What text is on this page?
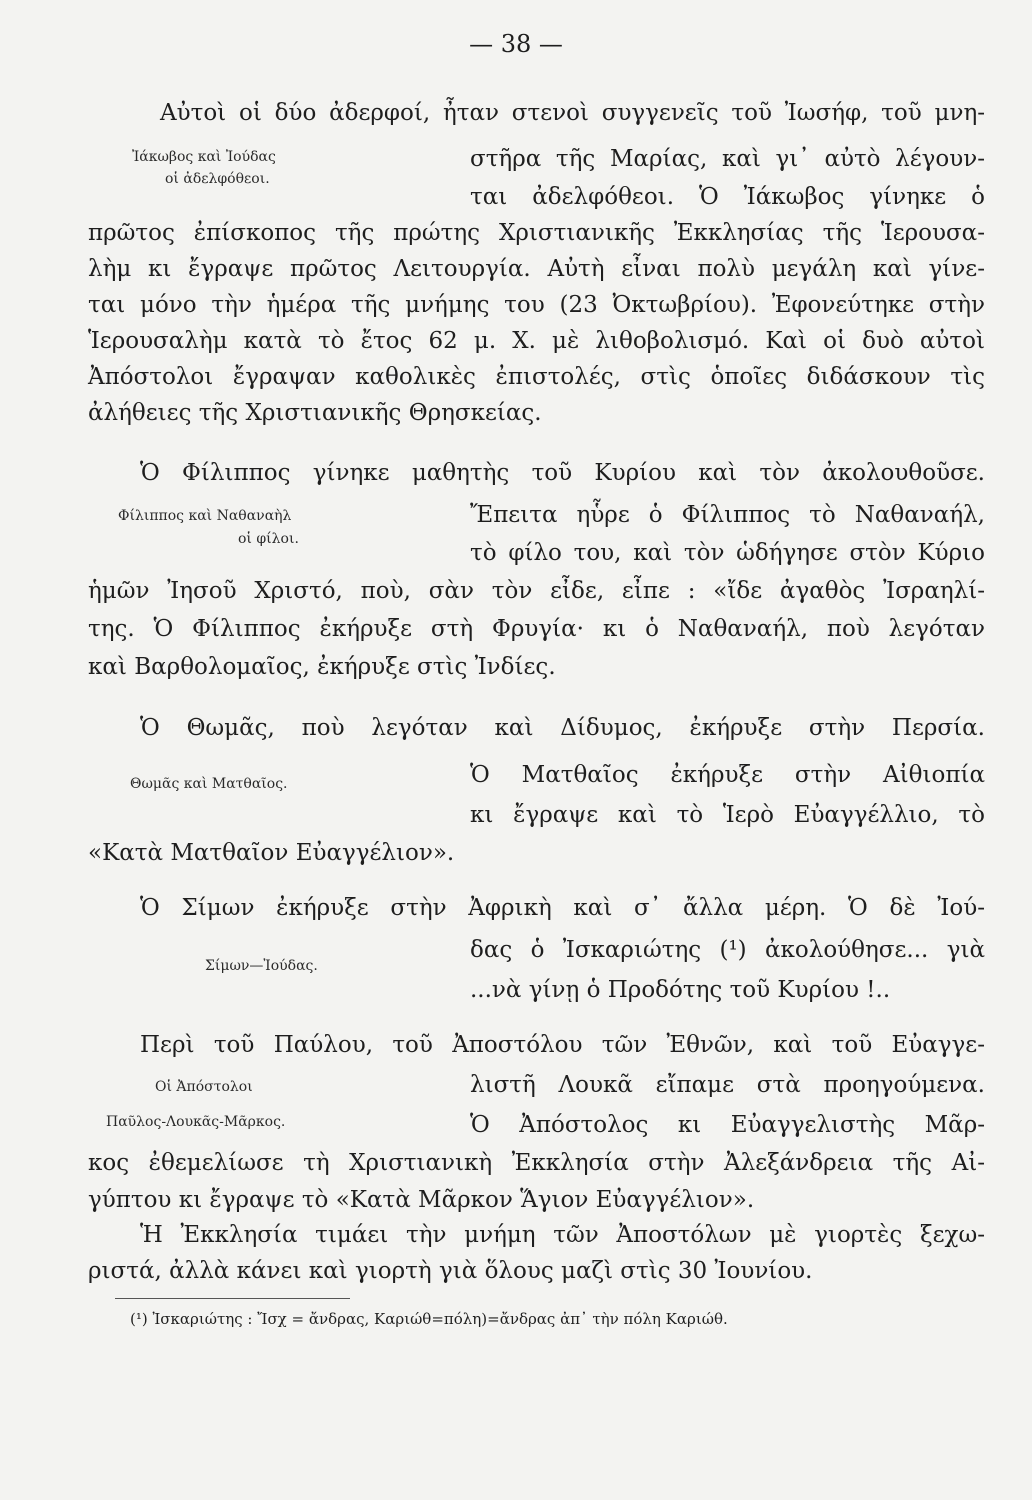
— 38 —
Ἰάκωβος καὶ Ἰούδας
οἱ ἀδελφόθεοι.
Φίλιππος καὶ Ναθαναὴλ
οἱ φίλοι.
Θωμᾶς καὶ Ματθαῖος.
Σίμων—Ἰούδας.
Οἱ Ἀπόστολοι
Παῦλος-Λουκᾶς-Μᾶρκος.
Αὐτοὶ οἱ δύο ἀδερφοί, ἦταν στενοὶ συγγενεῖς τοῦ Ἰωσήφ, τοῦ μνη-
στῆρα τῆς Μαρίας, καὶ γι᾽ αὐτὸ λέγουν-
ται ἀδελφόθεοι. Ὁ Ἰάκωβος γίνηκε ὁ
πρῶτος ἐπίσκοπος τῆς πρώτης Χριστιανικῆς Ἐκκλησίας τῆς Ἱερουσα-
λὴμ κι ἔγραψε πρῶτος Λειτουργία. Αὐτὴ εἶναι πολὺ μεγάλη καὶ γίνε-
ται μόνο τὴν ἡμέρα τῆς μνήμης του (23 Ὀκτωβρίου). Ἐφονεύτηκε στὴν
Ἱερουσαλὴμ κατὰ τὸ ἔτος 62 μ. Χ. μὲ λιθοβολισμό. Καὶ οἱ δυὸ αὐτοὶ
Ἀπόστολοι ἔγραψαν καθολικὲς ἐπιστολές, στὶς ὁποῖες διδάσκουν τὶς
ἀλήθειες τῆς Χριστιανικῆς Θρησκείας.
Ὁ Φίλιππος γίνηκε μαθητὴς τοῦ Κυρίου καὶ τὸν ἀκολουθοῦσε.
Ἔπειτα ηὗρε ὁ Φίλιππος τὸ Ναθαναήλ,
τὸ φίλο του, καὶ τὸν ὡδήγησε στὸν Κύριο
ἡμῶν Ἰησοῦ Χριστό, ποὺ, σὰν τὸν εἶδε, εἶπε : «ἴδε ἀγαθὸς Ἰσραηλί-
της. Ὁ Φίλιππος ἐκήρυξε στὴ Φρυγία· κι ὁ Ναθαναήλ, ποὺ λεγόταν
καὶ Βαρθολομαῖος, ἐκήρυξε στὶς Ἰνδίες.
Ὁ Θωμᾶς, ποὺ λεγόταν καὶ Δίδυμος, ἐκήρυξε στὴν Περσία.
Ὁ Ματθαῖος ἐκήρυξε στὴν Αἰθιοπία
κι ἔγραψε καὶ τὸ Ἱερὸ Εὐαγγέλλιο, τὸ
«Κατὰ Ματθαῖον Εὐαγγέλιον».
Ὁ Σίμων ἐκήρυξε στὴν Ἀφρικὴ καὶ σ᾽ ἄλλα μέρη. Ὁ δὲ Ἰού-
δας ὁ Ἰσκαριώτης (¹) ἀκολούθησε... γιὰ
...νὰ γίνῃ ὁ Προδότης τοῦ Κυρίου !..
Περὶ τοῦ Παύλου, τοῦ Ἀποστόλου τῶν Ἐθνῶν, καὶ τοῦ Εὐαγγε-
λιστῆ Λουκᾶ εἴπαμε στὰ προηγούμενα.
Ὁ Ἀπόστολος κι Εὐαγγελιστὴς Μᾶρ-
κος ἐθεμελίωσε τὴ Χριστιανικὴ Ἐκκλησία στὴν Ἀλεξάνδρεια τῆς Αἰ-
γύπτου κι ἔγραψε τὸ «Κατὰ Μᾶρκον Ἅγιον Εὐαγγέλιον».
Ἡ Ἐκκλησία τιμάει τὴν μνήμη τῶν Ἀποστόλων μὲ γιορτὲς ξεχω-
ριστά, ἀλλὰ κάνει καὶ γιορτὴ γιὰ ὅλους μαζὶ στὶς 30 Ἰουνίου.
(¹) Ἰσκαριώτης : Ἴσχ = ἄνδρας, Καριώθ=πόλη)=ἄνδρας ἀπ᾽ τὴν πόλη Καριώθ.
